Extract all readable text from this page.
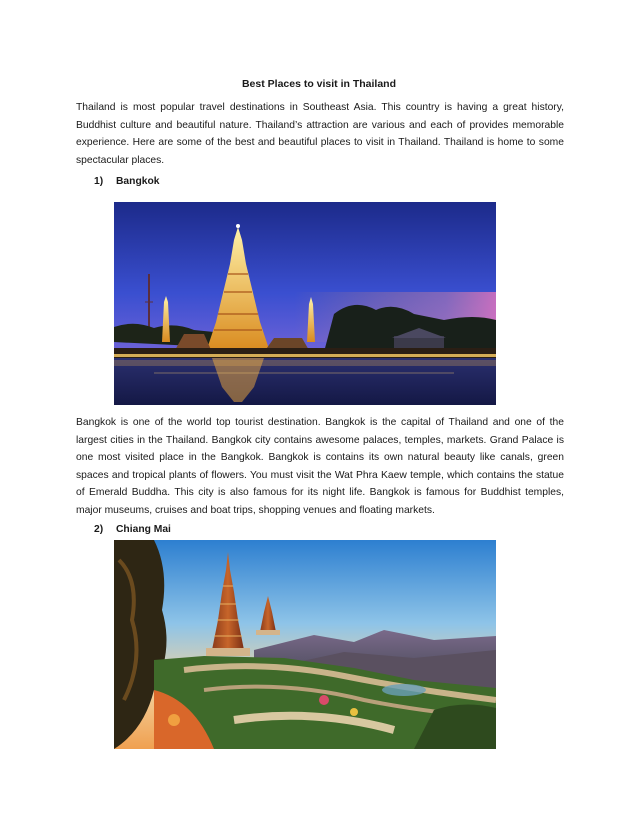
Best Places to visit in Thailand
Thailand is most popular travel destinations in Southeast Asia. This country is having a great history, Buddhist culture and beautiful nature. Thailand’s attraction are various and each of provides memorable experience. Here are some of the best and beautiful places to visit in Thailand. Thailand is home to some spectacular places.
1) Bangkok
Bangkok is one of the world top tourist destination. Bangkok is the capital of Thailand and one of the largest cities in the Thailand. Bangkok city contains awesome palaces, temples, markets. Grand Palace is one most visited place in the Bangkok. Bangkok is contains its own natural beauty like canals, green spaces and tropical plants of flowers. You must visit the Wat Phra Kaew temple, which contains the statue of Emerald Buddha. This city is also famous for its night life. Bangkok is famous for Buddhist temples, major museums, cruises and boat trips, shopping venues and floating markets.
2) Chiang Mai
